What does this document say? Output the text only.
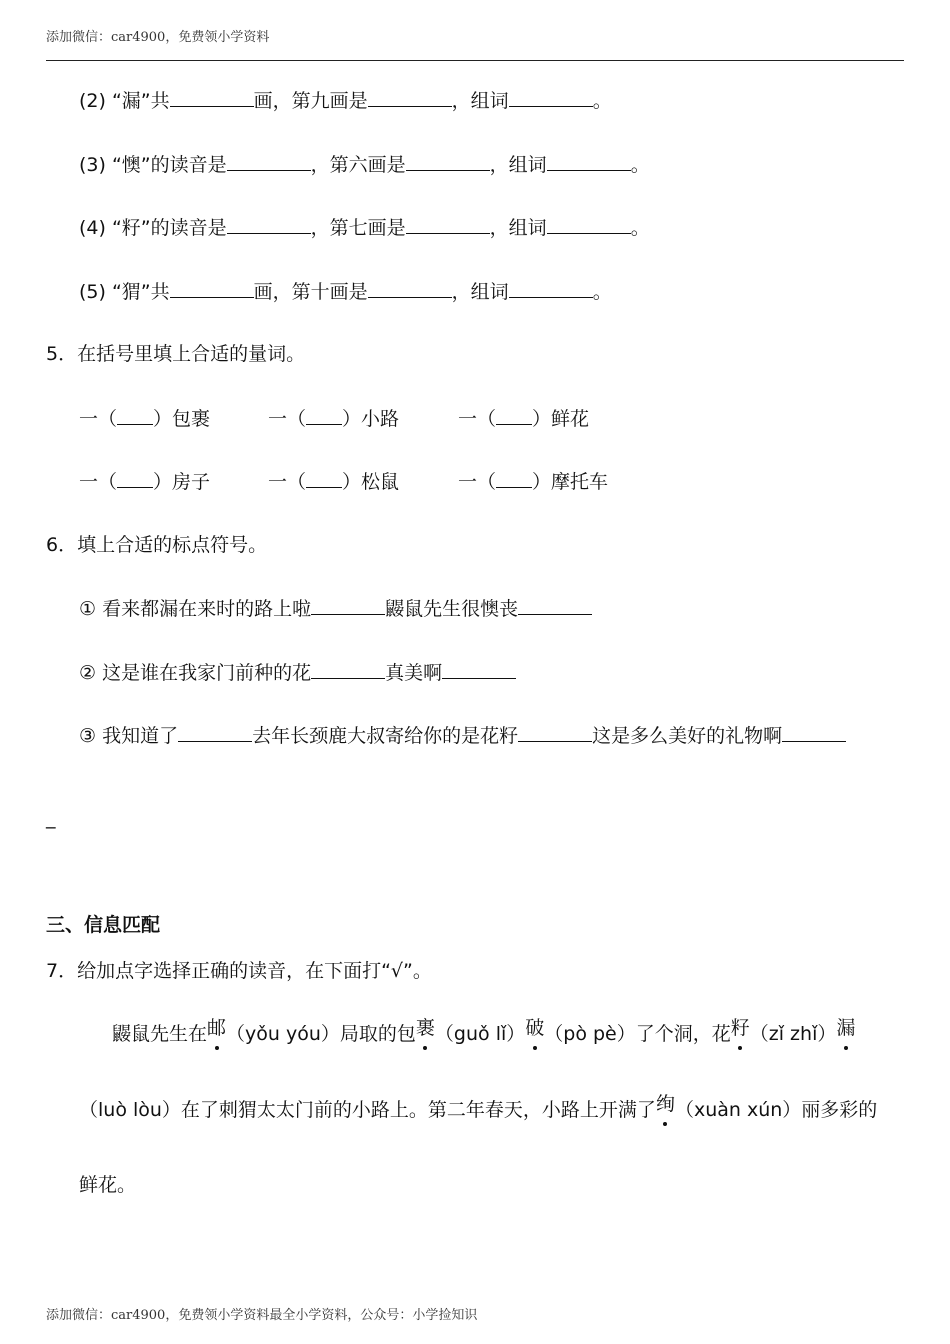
添加微信：car4900，免费领小学资料
(2) “漏”共	画，第九画是	，组词	。
(3) “懊”的读音是	，第六画是	，组词	。
(4) “籽”的读音是	，第七画是	，组词	。
(5) “猬”共	画，第十画是	，组词	。
5．在括号里填上合适的量词。
一（ ）包裹	一（ ）小路	一（ ）鲜花
一（ ）房子	一（ ）松鼠	一（ ）摩托车
6．填上合适的标点符号。
① 看来都漏在来时的路上啦	鼹鼠先生很懊丧
② 这是谁在我家门前种的花	真美啊
③ 我知道了	去年长颈鹿大叔寄给你的是花籽	这是多么美好的礼物啊
_
三、信息匹配
7．给加点字选择正确的读音，在下面打“√”。
鼹鼠先生在邮（yǒu yóu）局取的包裹（guǒ lǐ）破（pò pè）了个洞，花籽（zǐ zhǐ）漏
（luò lòu）在了刺猬太太门前的小路上。第二年春天，小路上开满了绚（xuàn xún）丽多彩的
鲜花。
添加微信：car4900，免费领小学资料最全小学资料，公众号：小学捡知识
